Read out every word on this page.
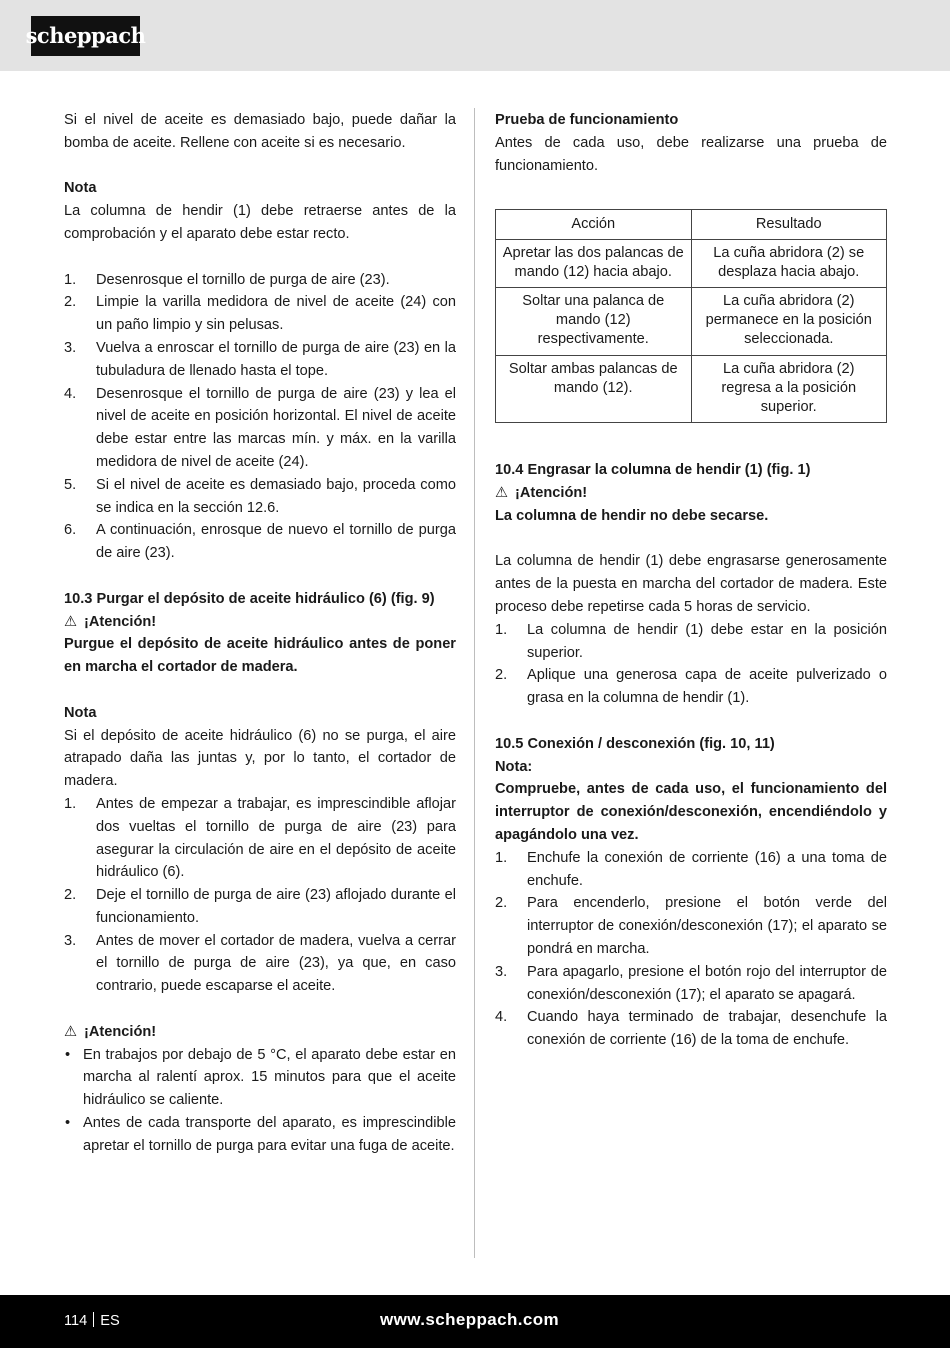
scheppach

Si el nivel de aceite es demasiado bajo, puede dañar la bomba de aceite. Rellene con aceite si es necesario.

Nota

La columna de hendir (1) debe retraerse antes de la comprobación y el aparato debe estar recto.

1. Desenrosque el tornillo de purga de aire (23).
2. Limpie la varilla medidora de nivel de aceite (24) con un paño limpio y sin pelusas.
3. Vuelva a enroscar el tornillo de purga de aire (23) en la tubuladura de llenado hasta el tope.
4. Desenrosque el tornillo de purga de aire (23) y lea el nivel de aceite en posición horizontal. El nivel de aceite debe estar entre las marcas mín. y máx. en la varilla medidora de nivel de aceite (24).
5. Si el nivel de aceite es demasiado bajo, proceda como se indica en la sección 12.6.
6. A continuación, enrosque de nuevo el tornillo de purga de aire (23).

10.3 Purgar el depósito de aceite hidráulico (6) (fig. 9)

⚠ ¡Atención!

Purgue el depósito de aceite hidráulico antes de poner en marcha el cortador de madera.

Nota

Si el depósito de aceite hidráulico (6) no se purga, el aire atrapado daña las juntas y, por lo tanto, el cortador de madera.

1. Antes de empezar a trabajar, es imprescindible aflojar dos vueltas el tornillo de purga de aire (23) para asegurar la circulación de aire en el depósito de aceite hidráulico (6).
2. Deje el tornillo de purga de aire (23) aflojado durante el funcionamiento.
3. Antes de mover el cortador de madera, vuelva a cerrar el tornillo de purga de aire (23), ya que, en caso contrario, puede escaparse el aceite.

⚠ ¡Atención!

• En trabajos por debajo de 5 °C, el aparato debe estar en marcha al ralentí aprox. 15 minutos para que el aceite hidráulico se caliente.
• Antes de cada transporte del aparato, es imprescindible apretar el tornillo de purga para evitar una fuga de aceite.

Prueba de funcionamiento

Antes de cada uso, debe realizarse una prueba de funcionamiento.

Acción	Resultado
Apretar las dos palancas de mando (12) hacia abajo.	La cuña abridora (2) se desplaza hacia abajo.
Soltar una palanca de mando (12) respectivamente.	La cuña abridora (2) permanece en la posición seleccionada.
Soltar ambas palancas de mando (12).	La cuña abridora (2) regresa a la posición superior.

10.4 Engrasar la columna de hendir (1) (fig. 1)

⚠ ¡Atención!

La columna de hendir no debe secarse.

La columna de hendir (1) debe engrasarse generosamente antes de la puesta en marcha del cortador de madera. Este proceso debe repetirse cada 5 horas de servicio.

1. La columna de hendir (1) debe estar en la posición superior.
2. Aplique una generosa capa de aceite pulverizado o grasa en la columna de hendir (1).

10.5 Conexión / desconexión (fig. 10, 11)

Nota:

Compruebe, antes de cada uso, el funcionamiento del interruptor de conexión/desconexión, encendiéndolo y apagándolo una vez.

1. Enchufe la conexión de corriente (16) a una toma de enchufe.
2. Para encenderlo, presione el botón verde del interruptor de conexión/desconexión (17); el aparato se pondrá en marcha.
3. Para apagarlo, presione el botón rojo del interruptor de conexión/desconexión (17); el aparato se apagará.
4. Cuando haya terminado de trabajar, desenchufe la conexión de corriente (16) de la toma de enchufe.
114 ES	www.scheppach.com
